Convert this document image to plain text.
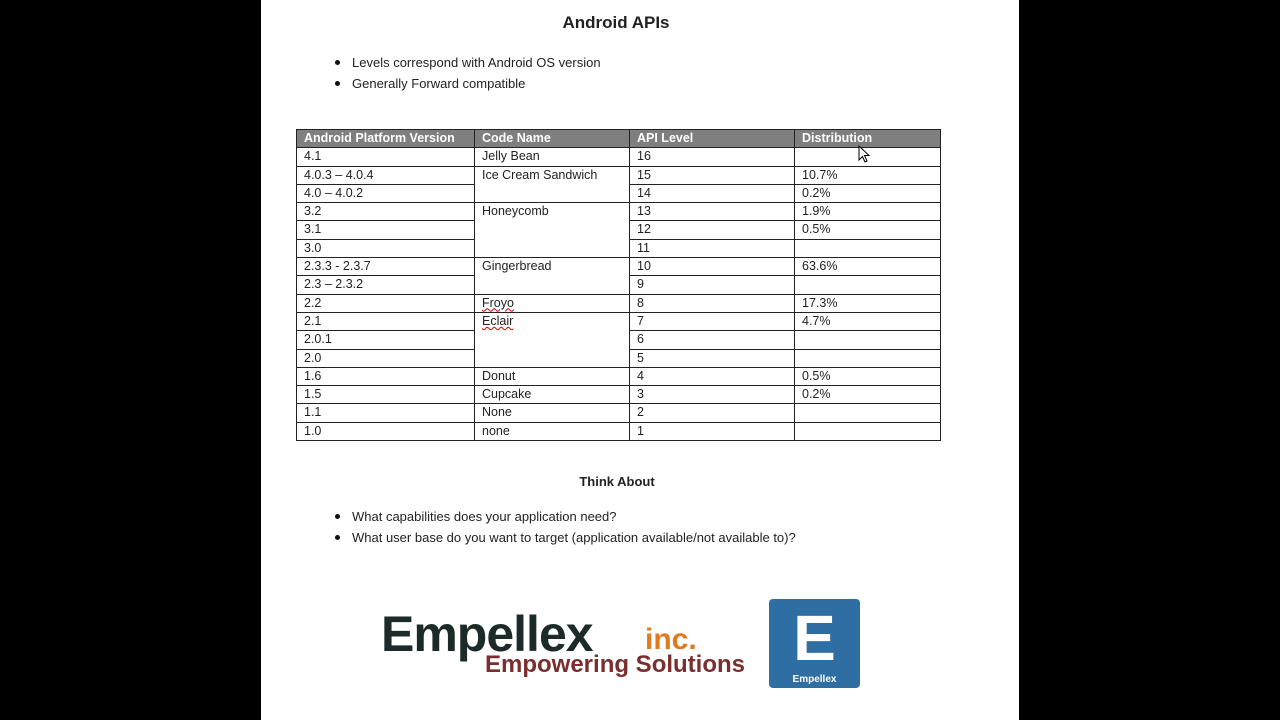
Android APIs
Levels correspond with Android OS version
Generally Forward compatible
Android Platform Version	Code Name	API Level	Distribution
4.1	Jelly Bean	16	
4.0.3 – 4.0.4	Ice Cream Sandwich	15	10.7%
4.0 – 4.0.2		14	0.2%
3.2	Honeycomb	13	1.9%
3.1		12	0.5%
3.0		11	
2.3.3 - 2.3.7	Gingerbread	10	63.6%
2.3 – 2.3.2		9	
2.2	Froyo	8	17.3%
2.1	Eclair	7	4.7%
2.0.1		6	
2.0		5	
1.6	Donut	4	0.5%
1.5	Cupcake	3	0.2%
1.1	None	2	
1.0	none	1	
Think About
What capabilities does your application need?
What user base do you want to target (application available/not available to)?
Empellex inc.
Empowering Solutions E
Empellex
